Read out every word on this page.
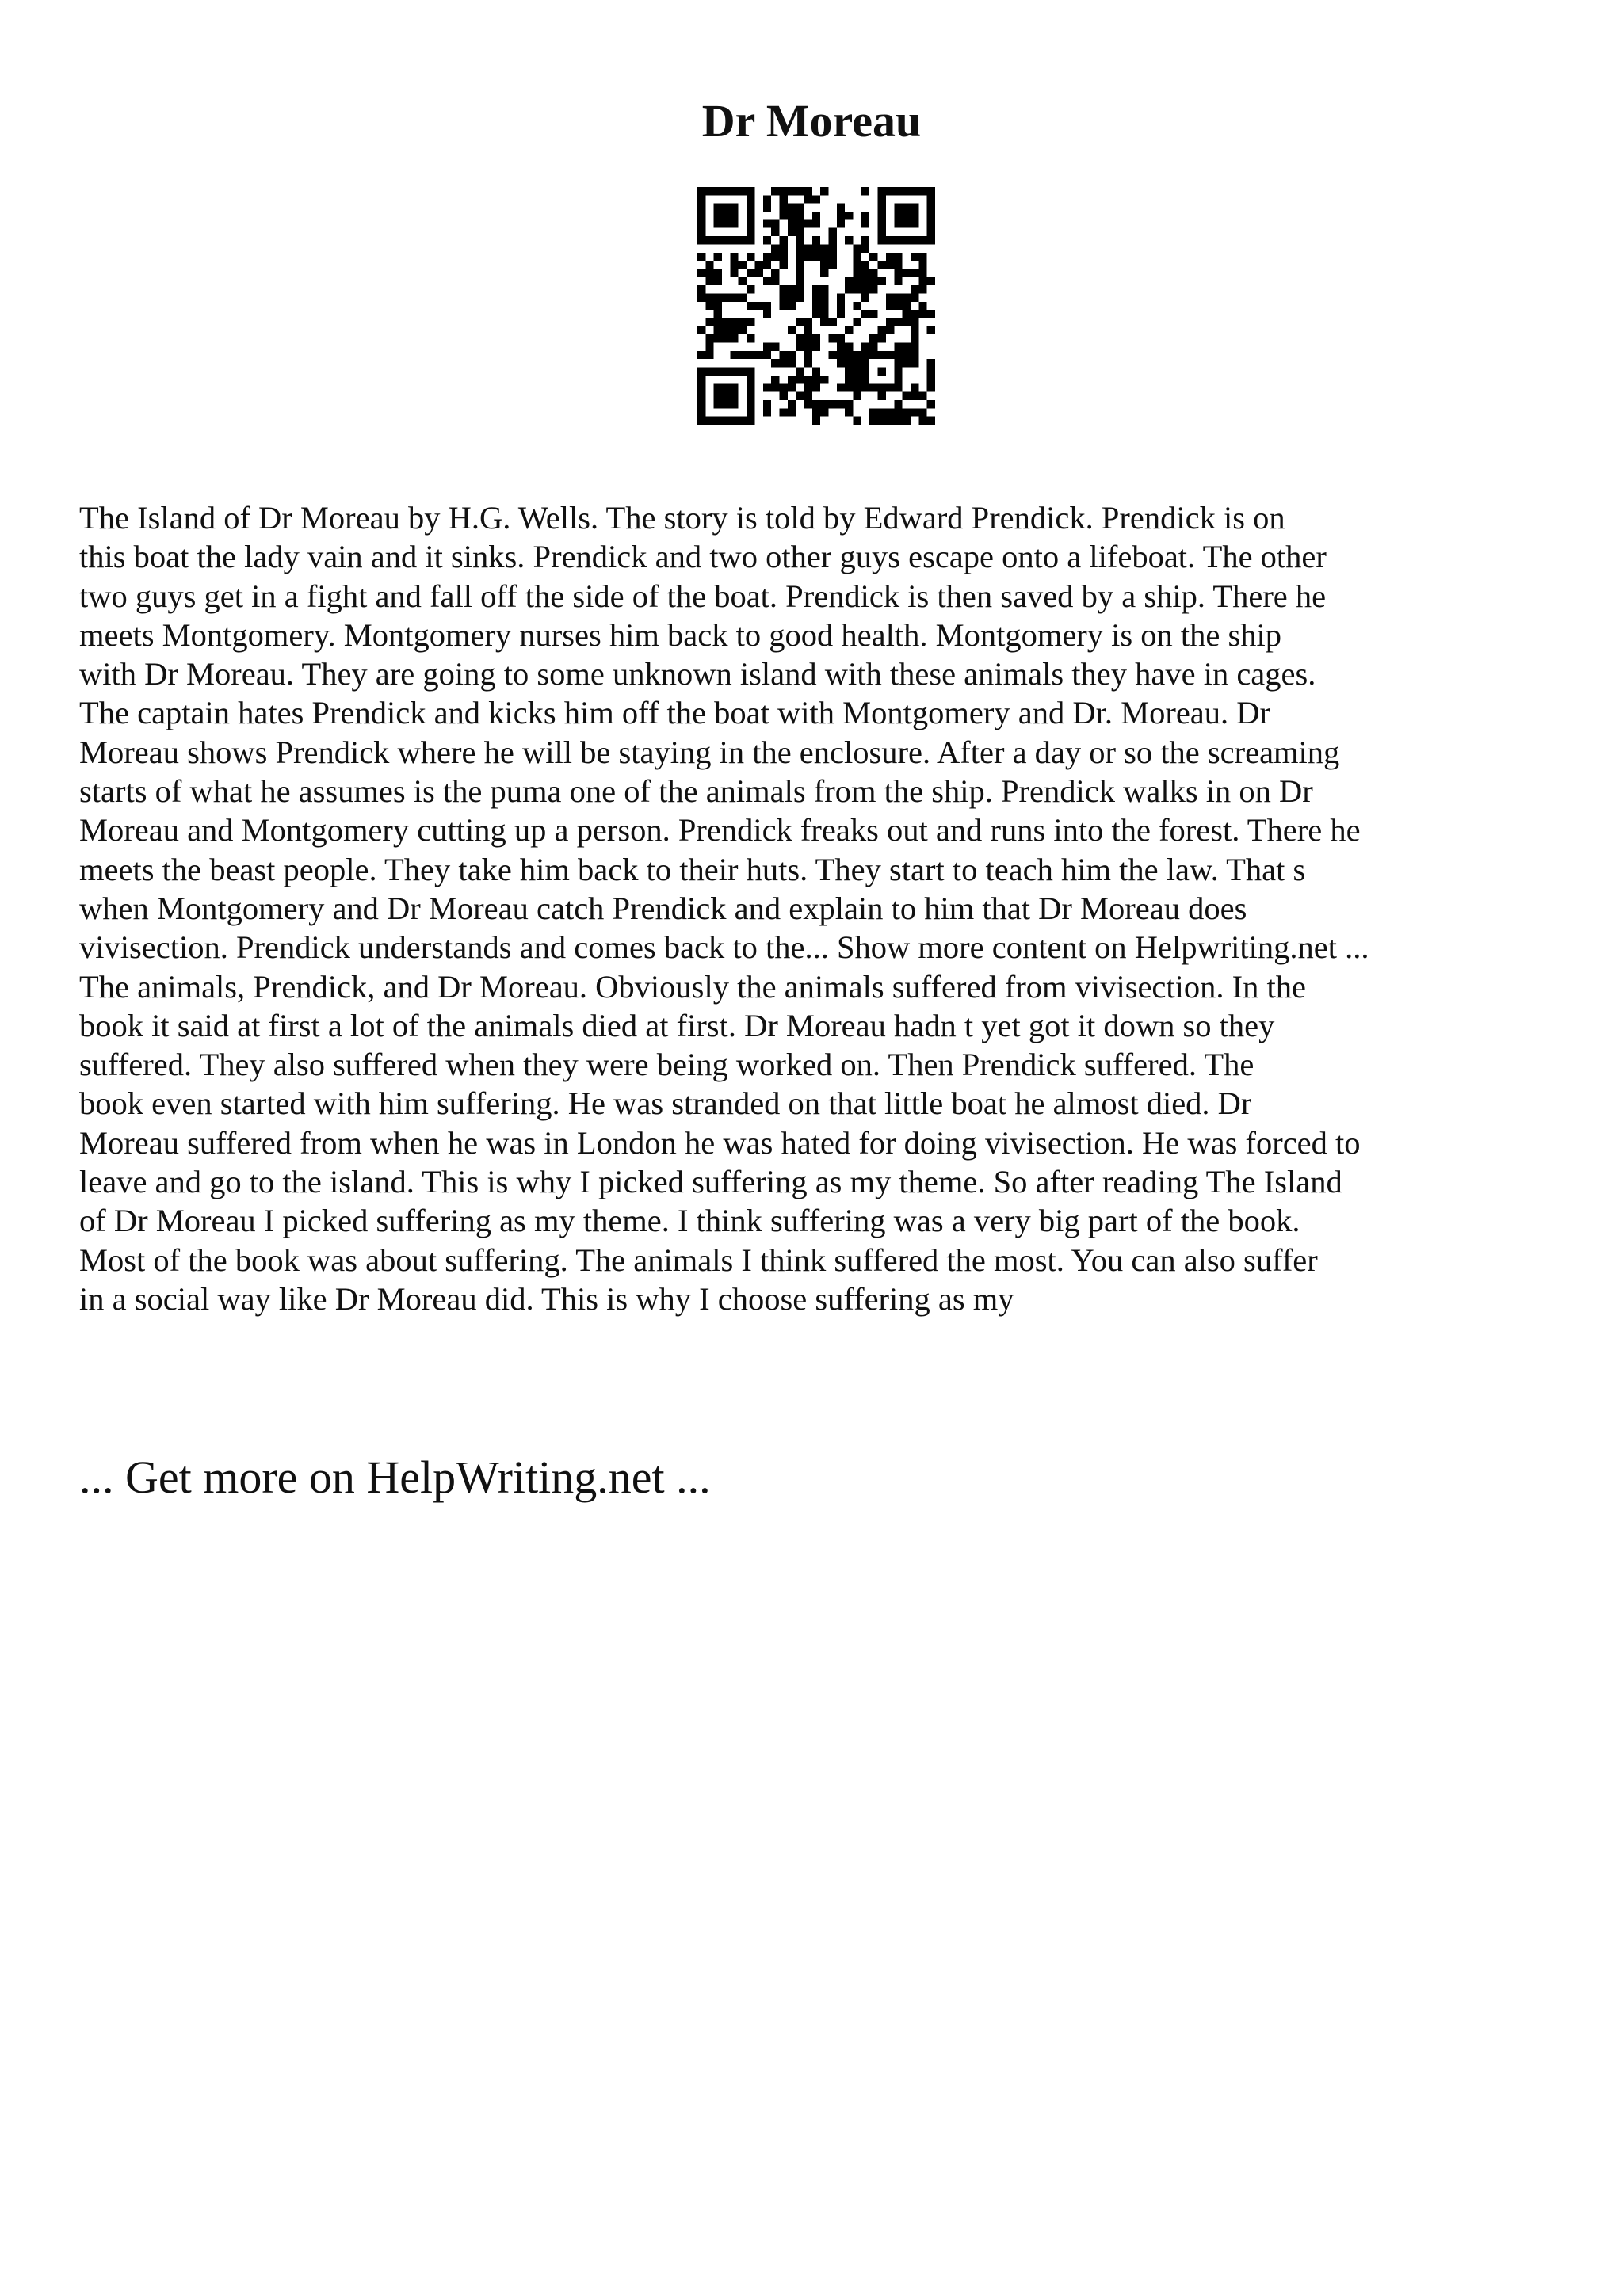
Dr Moreau
The Island of Dr Moreau by H.G. Wells. The story is told by Edward Prendick. Prendick is on
this boat the lady vain and it sinks. Prendick and two other guys escape onto a lifeboat. The other
two guys get in a fight and fall off the side of the boat. Prendick is then saved by a ship. There he
meets Montgomery. Montgomery nurses him back to good health. Montgomery is on the ship
with Dr Moreau. They are going to some unknown island with these animals they have in cages.
The captain hates Prendick and kicks him off the boat with Montgomery and Dr. Moreau. Dr
Moreau shows Prendick where he will be staying in the enclosure. After a day or so the screaming
starts of what he assumes is the puma one of the animals from the ship. Prendick walks in on Dr
Moreau and Montgomery cutting up a person. Prendick freaks out and runs into the forest. There he
meets the beast people. They take him back to their huts. They start to teach him the law. That s
when Montgomery and Dr Moreau catch Prendick and explain to him that Dr Moreau does
vivisection. Prendick understands and comes back to the... Show more content on Helpwriting.net ...
The animals, Prendick, and Dr Moreau. Obviously the animals suffered from vivisection. In the
book it said at first a lot of the animals died at first. Dr Moreau hadn t yet got it down so they
suffered. They also suffered when they were being worked on. Then Prendick suffered. The
book even started with him suffering. He was stranded on that little boat he almost died. Dr
Moreau suffered from when he was in London he was hated for doing vivisection. He was forced to
leave and go to the island. This is why I picked suffering as my theme. So after reading The Island
of Dr Moreau I picked suffering as my theme. I think suffering was a very big part of the book.
Most of the book was about suffering. The animals I think suffered the most. You can also suffer
in a social way like Dr Moreau did. This is why I choose suffering as my

... Get more on HelpWriting.net ...
